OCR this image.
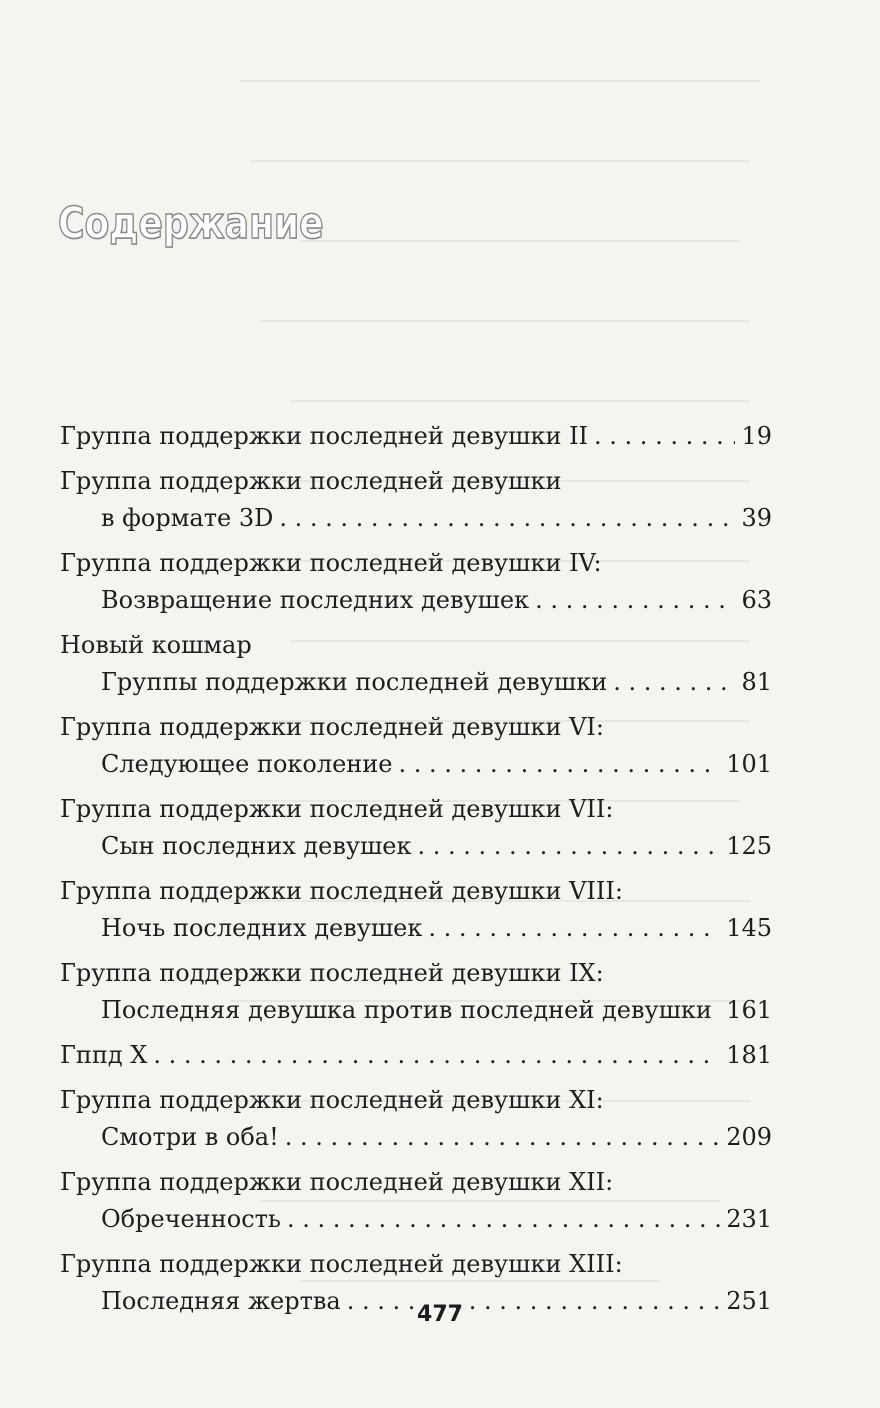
Содержание
Группа поддержки последней девушки II . . .	19
Группа поддержки последней девушки
в формате 3D . . .	39
Группа поддержки последней девушки IV:
Возвращение последних девушек . . .	63
Новый кошмар
Группы поддержки последней девушки . . .	81
Группа поддержки последней девушки VI:
Следующее поколение . . .	101
Группа поддержки последней девушки VII:
Сын последних девушек . . .	125
Группа поддержки последней девушки VIII:
Ночь последних девушек . . .	145
Группа поддержки последней девушки IX:
Последняя девушка против последней девушки . . . 161
Гппд Х . . .	181
Группа поддержки последней девушки XI:
Смотри в оба! . . .	209
Группа поддержки последней девушки XII:
Обреченность . . .	231
Группа поддержки последней девушки XIII:
Последняя жертва . . .	251
477
